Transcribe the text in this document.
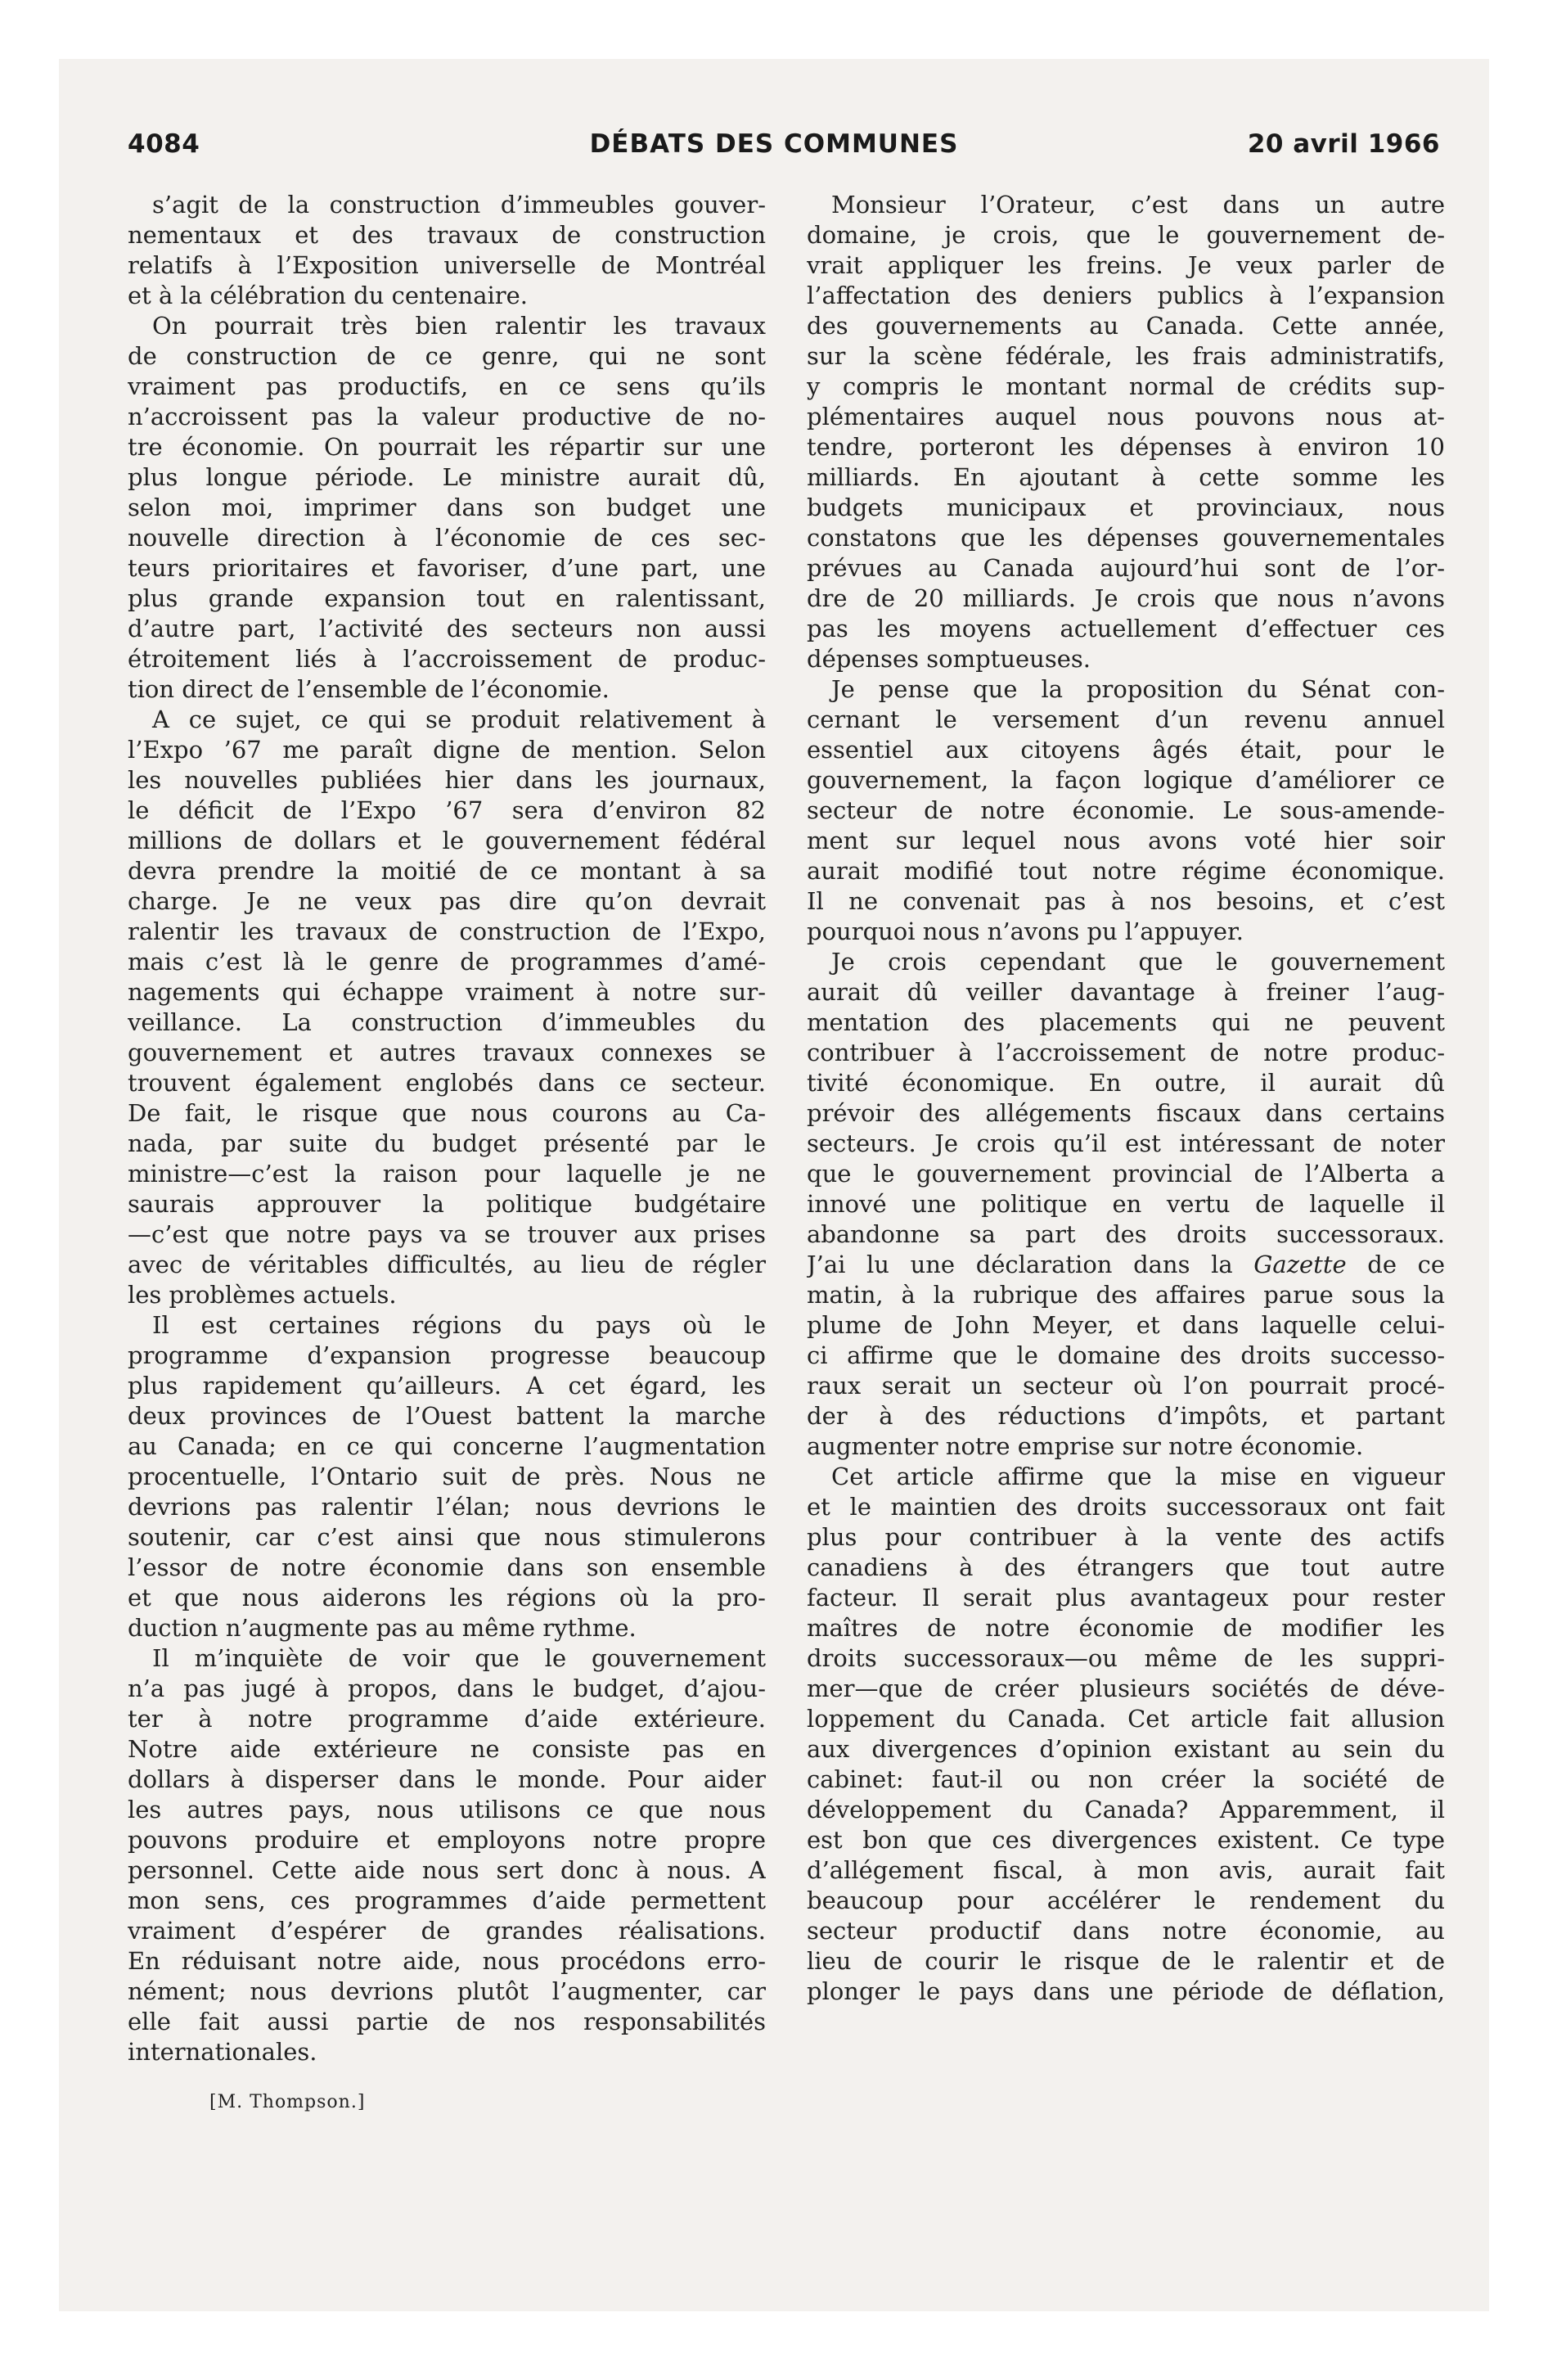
4084	DÉBATS DES COMMUNES	20 avril 1966
s’agit de la construction d’immeubles gouver-
nementaux et des travaux de construction
relatifs à l’Exposition universelle de Montréal
et à la célébration du centenaire.
On pourrait très bien ralentir les travaux
de construction de ce genre, qui ne sont
vraiment pas productifs, en ce sens qu’ils
n’accroissent pas la valeur productive de no-
tre économie. On pourrait les répartir sur une
plus longue période. Le ministre aurait dû,
selon moi, imprimer dans son budget une
nouvelle direction à l’économie de ces sec-
teurs prioritaires et favoriser, d’une part, une
plus grande expansion tout en ralentissant,
d’autre part, l’activité des secteurs non aussi
étroitement liés à l’accroissement de produc-
tion direct de l’ensemble de l’économie.
A ce sujet, ce qui se produit relativement à
l’Expo ’67 me paraît digne de mention. Selon
les nouvelles publiées hier dans les journaux,
le déficit de l’Expo ’67 sera d’environ 82
millions de dollars et le gouvernement fédéral
devra prendre la moitié de ce montant à sa
charge. Je ne veux pas dire qu’on devrait
ralentir les travaux de construction de l’Expo,
mais c’est là le genre de programmes d’amé-
nagements qui échappe vraiment à notre sur-
veillance. La construction d’immeubles du
gouvernement et autres travaux connexes se
trouvent également englobés dans ce secteur.
De fait, le risque que nous courons au Ca-
nada, par suite du budget présenté par le
ministre—c’est la raison pour laquelle je ne
saurais approuver la politique budgétaire
—c’est que notre pays va se trouver aux prises
avec de véritables difficultés, au lieu de régler
les problèmes actuels.
Il est certaines régions du pays où le
programme d’expansion progresse beaucoup
plus rapidement qu’ailleurs. A cet égard, les
deux provinces de l’Ouest battent la marche
au Canada; en ce qui concerne l’augmentation
procentuelle, l’Ontario suit de près. Nous ne
devrions pas ralentir l’élan; nous devrions le
soutenir, car c’est ainsi que nous stimulerons
l’essor de notre économie dans son ensemble
et que nous aiderons les régions où la pro-
duction n’augmente pas au même rythme.
Il m’inquiète de voir que le gouvernement
n’a pas jugé à propos, dans le budget, d’ajou-
ter à notre programme d’aide extérieure.
Notre aide extérieure ne consiste pas en
dollars à disperser dans le monde. Pour aider
les autres pays, nous utilisons ce que nous
pouvons produire et employons notre propre
personnel. Cette aide nous sert donc à nous. A
mon sens, ces programmes d’aide permettent
vraiment d’espérer de grandes réalisations.
En réduisant notre aide, nous procédons erro-
nément; nous devrions plutôt l’augmenter, car
elle fait aussi partie de nos responsabilités
internationales.
[M. Thompson.]
Monsieur l’Orateur, c’est dans un autre
domaine, je crois, que le gouvernement de-
vrait appliquer les freins. Je veux parler de
l’affectation des deniers publics à l’expansion
des gouvernements au Canada. Cette année,
sur la scène fédérale, les frais administratifs,
y compris le montant normal de crédits sup-
plémentaires auquel nous pouvons nous at-
tendre, porteront les dépenses à environ 10
milliards. En ajoutant à cette somme les
budgets municipaux et provinciaux, nous
constatons que les dépenses gouvernementales
prévues au Canada aujourd’hui sont de l’or-
dre de 20 milliards. Je crois que nous n’avons
pas les moyens actuellement d’effectuer ces
dépenses somptueuses.
Je pense que la proposition du Sénat con-
cernant le versement d’un revenu annuel
essentiel aux citoyens âgés était, pour le
gouvernement, la façon logique d’améliorer ce
secteur de notre économie. Le sous-amende-
ment sur lequel nous avons voté hier soir
aurait modifié tout notre régime économique.
Il ne convenait pas à nos besoins, et c’est
pourquoi nous n’avons pu l’appuyer.
Je crois cependant que le gouvernement
aurait dû veiller davantage à freiner l’aug-
mentation des placements qui ne peuvent
contribuer à l’accroissement de notre produc-
tivité économique. En outre, il aurait dû
prévoir des allégements fiscaux dans certains
secteurs. Je crois qu’il est intéressant de noter
que le gouvernement provincial de l’Alberta a
innové une politique en vertu de laquelle il
abandonne sa part des droits successoraux.
J’ai lu une déclaration dans la Gazette de ce
matin, à la rubrique des affaires parue sous la
plume de John Meyer, et dans laquelle celui-
ci affirme que le domaine des droits successo-
raux serait un secteur où l’on pourrait procé-
der à des réductions d’impôts, et partant
augmenter notre emprise sur notre économie.
Cet article affirme que la mise en vigueur
et le maintien des droits successoraux ont fait
plus pour contribuer à la vente des actifs
canadiens à des étrangers que tout autre
facteur. Il serait plus avantageux pour rester
maîtres de notre économie de modifier les
droits successoraux—ou même de les suppri-
mer—que de créer plusieurs sociétés de déve-
loppement du Canada. Cet article fait allusion
aux divergences d’opinion existant au sein du
cabinet: faut-il ou non créer la société de
développement du Canada? Apparemment, il
est bon que ces divergences existent. Ce type
d’allégement fiscal, à mon avis, aurait fait
beaucoup pour accélérer le rendement du
secteur productif dans notre économie, au
lieu de courir le risque de le ralentir et de
plonger le pays dans une période de déflation,
